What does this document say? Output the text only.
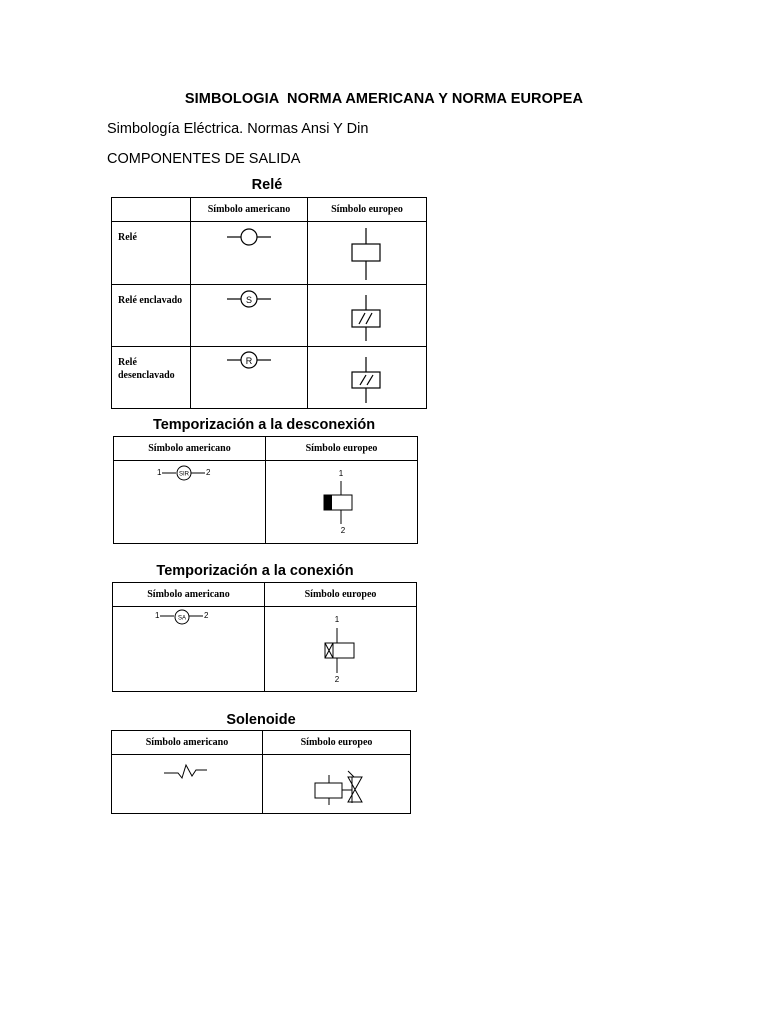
SIMBOLOGIA  NORMA AMERICANA Y NORMA EUROPEA
Simbología Eléctrica. Normas Ansi Y Din
COMPONENTES DE SALIDA
Relé
	Símbolo americano	Símbolo europeo
Relé	

Relé enclavado	S

Relé
desenclavado	R

Temporización a la desconexión
Símbolo americano	Símbolo europeo

1 SIR 2	1
2
Temporización a la conexión
Símbolo americano	Símbolo europeo

1 SA 2	1
2
Solenoide
Símbolo americano	Símbolo europeo
